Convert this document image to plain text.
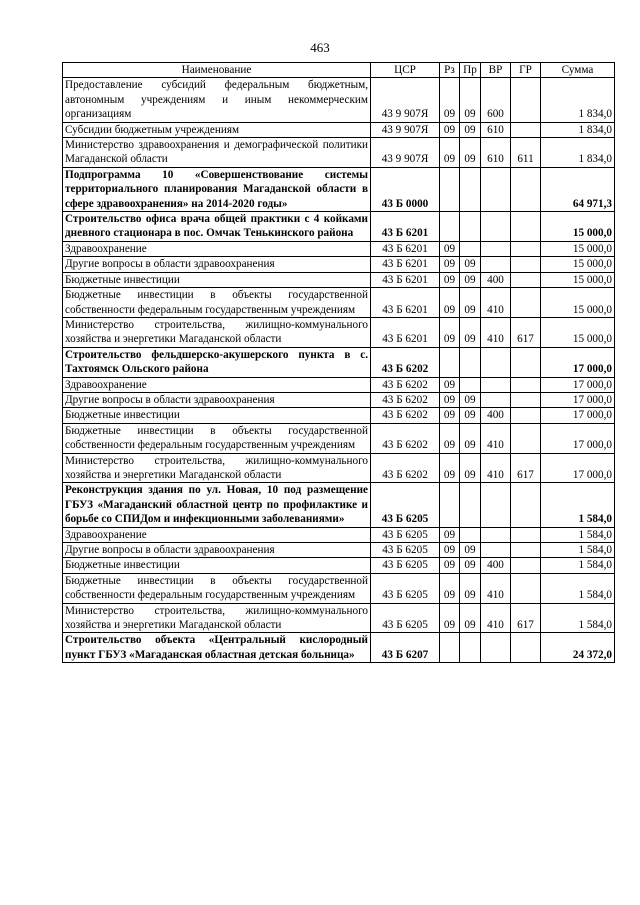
463
Наименование	ЦСР	Рз	Пр	ВР	ГР	Сумма
Предоставление субсидий федеральным бюджетным, автономным учреждениям и иным некоммерческим организациям	43 9 907Я	09	09	600		1 834,0
Субсидии бюджетным учреждениям	43 9 907Я	09	09	610		1 834,0
Министерство здравоохранения и демографической политики Магаданской области	43 9 907Я	09	09	610	611	1 834,0
Подпрограмма 10 «Совершенствование системы территориального планирования Магаданской области в сфере здравоохранения» на 2014-2020 годы»	43 Б 0000					64 971,3
Строительство офиса врача общей практики с 4 койками дневного стационара в пос. Омчак Тенькинского района	43 Б 6201					15 000,0
Здравоохранение	43 Б 6201	09				15 000,0
Другие вопросы в области здравоохранения	43 Б 6201	09	09			15 000,0
Бюджетные инвестиции	43 Б 6201	09	09	400		15 000,0
Бюджетные инвестиции в объекты государственной собственности федеральным государственным учреждениям	43 Б 6201	09	09	410		15 000,0
Министерство строительства, жилищно-коммунального хозяйства и энергетики Магаданской области	43 Б 6201	09	09	410	617	15 000,0
Строительство фельдшерско-акушерского пункта в с. Тахтоямск Ольского района	43 Б 6202					17 000,0
Здравоохранение	43 Б 6202	09				17 000,0
Другие вопросы в области здравоохранения	43 Б 6202	09	09			17 000,0
Бюджетные инвестиции	43 Б 6202	09	09	400		17 000,0
Бюджетные инвестиции в объекты государственной собственности федеральным государственным учреждениям	43 Б 6202	09	09	410		17 000,0
Министерство строительства, жилищно-коммунального хозяйства и энергетики Магаданской области	43 Б 6202	09	09	410	617	17 000,0
Реконструкция здания по ул. Новая, 10 под размещение ГБУЗ «Магаданский областной центр по профилактике и борьбе со СПИДом и инфекционными заболеваниями»	43 Б 6205					1 584,0
Здравоохранение	43 Б 6205	09				1 584,0
Другие вопросы в области здравоохранения	43 Б 6205	09	09			1 584,0
Бюджетные инвестиции	43 Б 6205	09	09	400		1 584,0
Бюджетные инвестиции в объекты государственной собственности федеральным государственным учреждениям	43 Б 6205	09	09	410		1 584,0
Министерство строительства, жилищно-коммунального хозяйства и энергетики Магаданской области	43 Б 6205	09	09	410	617	1 584,0
Строительство объекта «Центральный кислородный пункт ГБУЗ «Магаданская областная детская больница»	43 Б 6207					24 372,0
